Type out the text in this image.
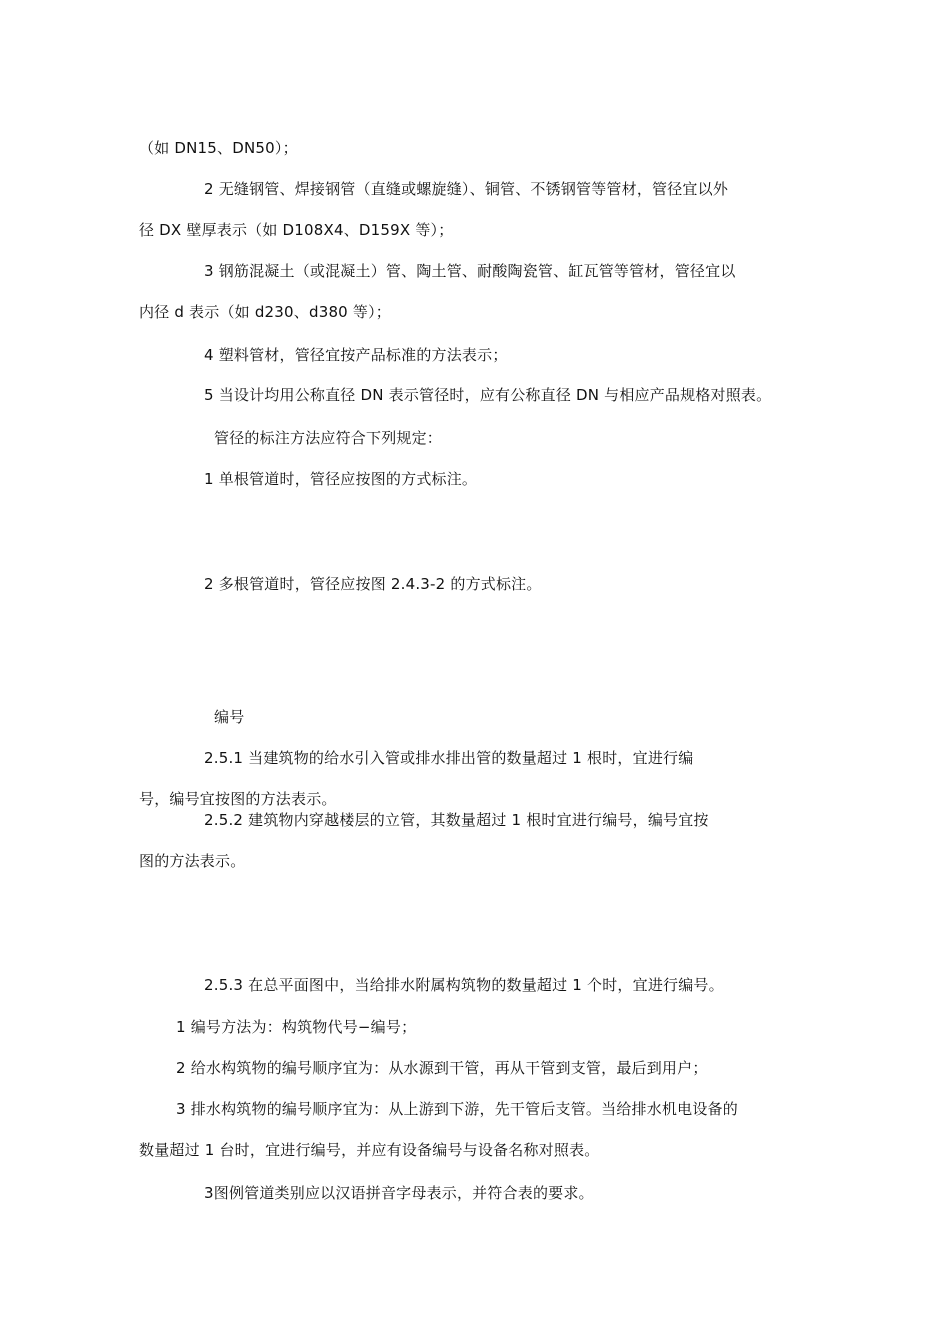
（如 DN15、DN50）；

2 无缝钢管、焊接钢管（直缝或螺旋缝）、铜管、不锈钢管等管材，管径宜以外

径 DX 壁厚表示（如 D108X4、D159X 等）；

3 钢筋混凝土（或混凝土）管、陶土管、耐酸陶瓷管、缸瓦管等管材，管径宜以

内径 d 表示（如 d230、d380 等）；

4 塑料管材，管径宜按产品标准的方法表示；

5 当设计均用公称直径 DN 表示管径时，应有公称直径 DN 与相应产品规格对照表。

管径的标注方法应符合下列规定：

1 单根管道时，管径应按图的方式标注。

2 多根管道时，管径应按图 2.4.3-2 的方式标注。

编号

2.5.1 当建筑物的给水引入管或排水排出管的数量超过 1 根时，宜进行编

号，编号宜按图的方法表示。

2.5.2 建筑物内穿越楼层的立管，其数量超过 1 根时宜进行编号，编号宜按

图的方法表示。

2.5.3 在总平面图中，当给排水附属构筑物的数量超过 1 个时，宜进行编号。

1 编号方法为：构筑物代号−编号；

2 给水构筑物的编号顺序宜为：从水源到干管，再从干管到支管，最后到用户；

3 排水构筑物的编号顺序宜为：从上游到下游，先干管后支管。当给排水机电设备的

数量超过 1 台时，宜进行编号，并应有设备编号与设备名称对照表。

3图例管道类别应以汉语拼音字母表示，并符合表的要求。
